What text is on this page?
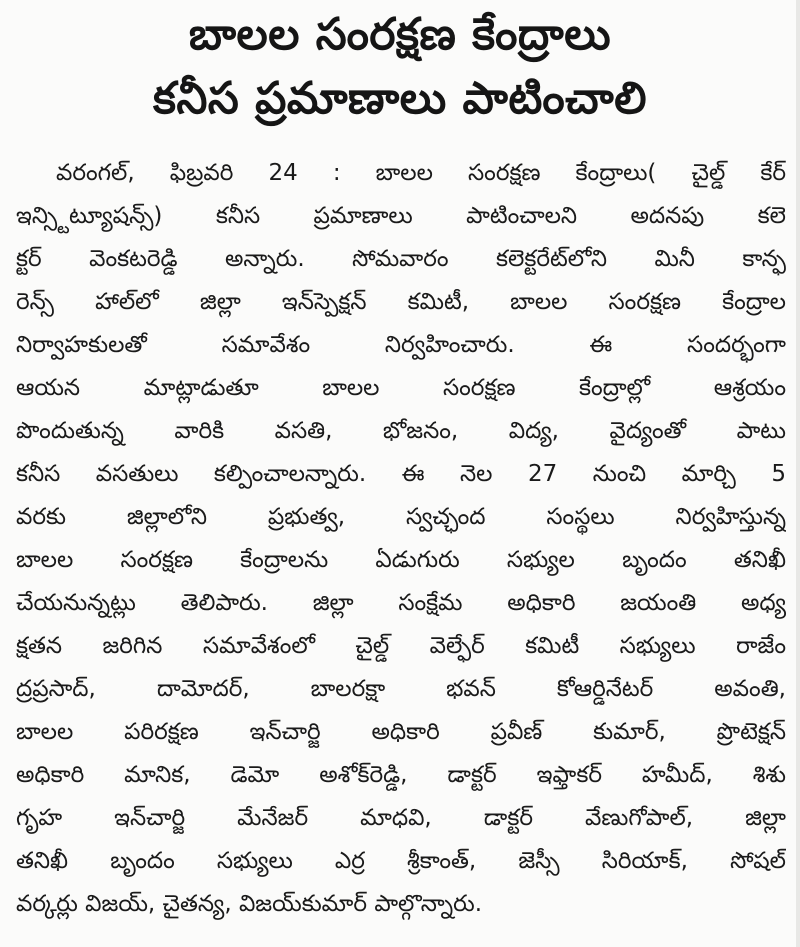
బాలల సంరక్షణ కేంద్రాలు
కనీస ప్రమాణాలు పాటించాలి
వరంగల్, ఫిబ్రవరి 24 : బాలల సంరక్షణ కేంద్రాలు( చైల్డ్ కేర్
ఇన్స్టిట్యూషన్స్) కనీస ప్రమాణాలు పాటించాలని అదనపు కలె
క్టర్ వెంకటరెడ్డి అన్నారు. సోమవారం కలెక్టరేట్‌లోని మినీ కాన్ఫ
రెన్స్ హాల్‌లో జిల్లా ఇన్‌స్పెక్షన్ కమిటీ, బాలల సంరక్షణ కేంద్రాల
నిర్వాహకులతో సమావేశం నిర్వహించారు. ఈ సందర్భంగా
ఆయన మాట్లాడుతూ బాలల సంరక్షణ కేంద్రాల్లో ఆశ్రయం
పొందుతున్న వారికి వసతి, భోజనం, విద్య, వైద్యంతో పాటు
కనీస వసతులు కల్పించాలన్నారు. ఈ నెల 27 నుంచి మార్చి 5
వరకు జిల్లాలోని ప్రభుత్వ, స్వచ్ఛంద సంస్థలు నిర్వహిస్తున్న
బాలల సంరక్షణ కేంద్రాలను ఏడుగురు సభ్యుల బృందం తనిఖీ
చేయనున్నట్లు తెలిపారు. జిల్లా సంక్షేమ అధికారి జయంతి అధ్య
క్షతన జరిగిన సమావేశంలో చైల్డ్ వెల్ఫేర్ కమిటీ సభ్యులు రాజేం
ద్రప్రసాద్, దామోదర్, బాలరక్షా భవన్ కోఆర్డినేటర్ అవంతి,
బాలల పరిరక్షణ ఇన్‌చార్జి అధికారి ప్రవీణ్ కుమార్, ప్రొటెక్షన్
అధికారి మానిక, డెమో అశోక్‌రెడ్డి, డాక్టర్ ఇఫ్తాకర్ హమీద్, శిశు
గృహ ఇన్‌చార్జి మేనేజర్ మాధవి, డాక్టర్ వేణుగోపాల్, జిల్లా
తనిఖీ బృందం సభ్యులు ఎర్ర శ్రీకాంత్, జెస్సీ సిరియాక్, సోషల్
వర్కర్లు విజయ్, చైతన్య, విజయ్‌కుమార్ పాల్గొన్నారు.
